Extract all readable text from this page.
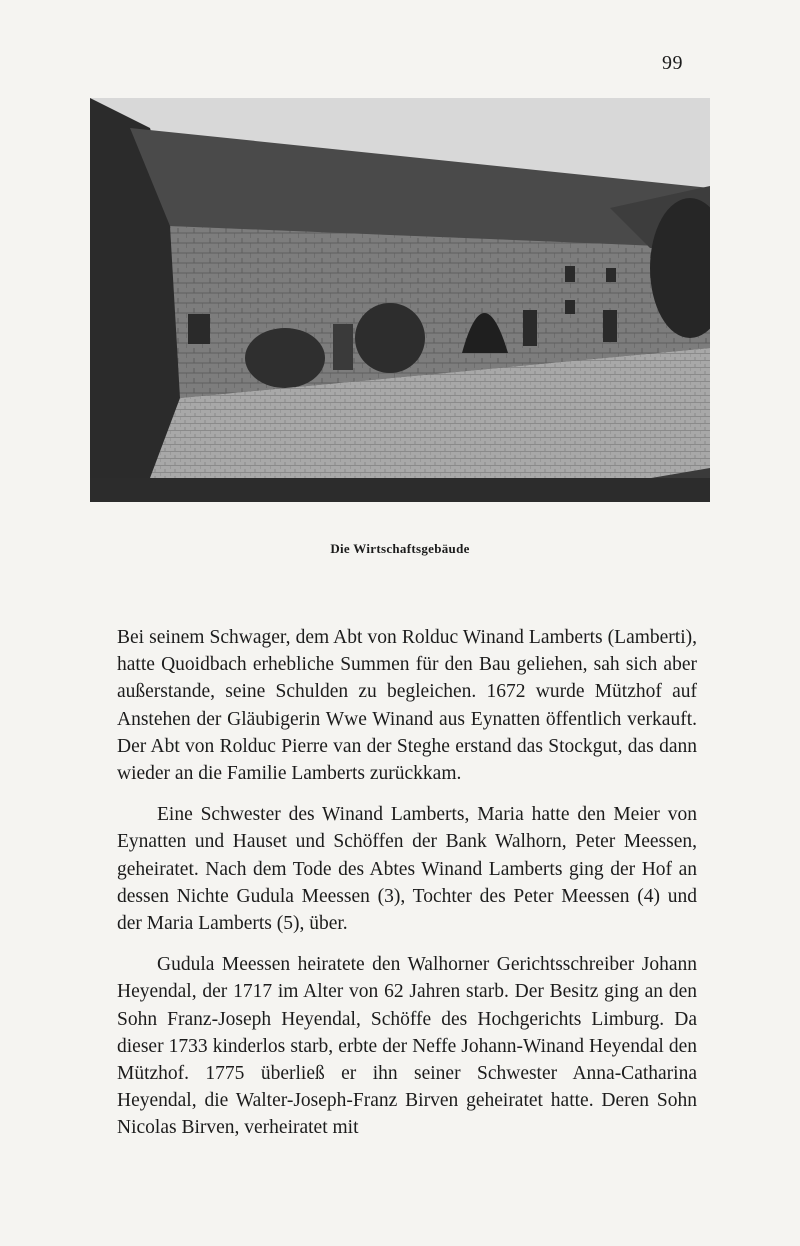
99
Die Wirtschaftsgebäude

Bei seinem Schwager, dem Abt von Rolduc Winand Lamberts (Lamberti), hatte Quoidbach erhebliche Summen für den Bau geliehen, sah sich aber außerstande, seine Schulden zu begleichen. 1672 wurde Mützhof auf Anstehen der Gläubigerin Wwe Winand aus Eynatten öffentlich verkauft. Der Abt von Rolduc Pierre van der Steghe erstand das Stockgut, das dann wieder an die Familie Lamberts zurückkam.

Eine Schwester des Winand Lamberts, Maria hatte den Meier von Eynatten und Hauset und Schöffen der Bank Walhorn, Peter Meessen, geheiratet. Nach dem Tode des Abtes Winand Lamberts ging der Hof an dessen Nichte Gudula Meessen (3), Tochter des Peter Meessen (4) und der Maria Lamberts (5), über.

Gudula Meessen heiratete den Walhorner Gerichtsschreiber Johann Heyendal, der 1717 im Alter von 62 Jahren starb. Der Besitz ging an den Sohn Franz-Joseph Heyendal, Schöffe des Hochgerichts Limburg. Da dieser 1733 kinderlos starb, erbte der Neffe Johann-Winand Heyendal den Mützhof. 1775 überließ er ihn seiner Schwester Anna-Catharina Heyendal, die Walter-Joseph-Franz Birven geheiratet hatte. Deren Sohn Nicolas Birven, verheiratet mit
